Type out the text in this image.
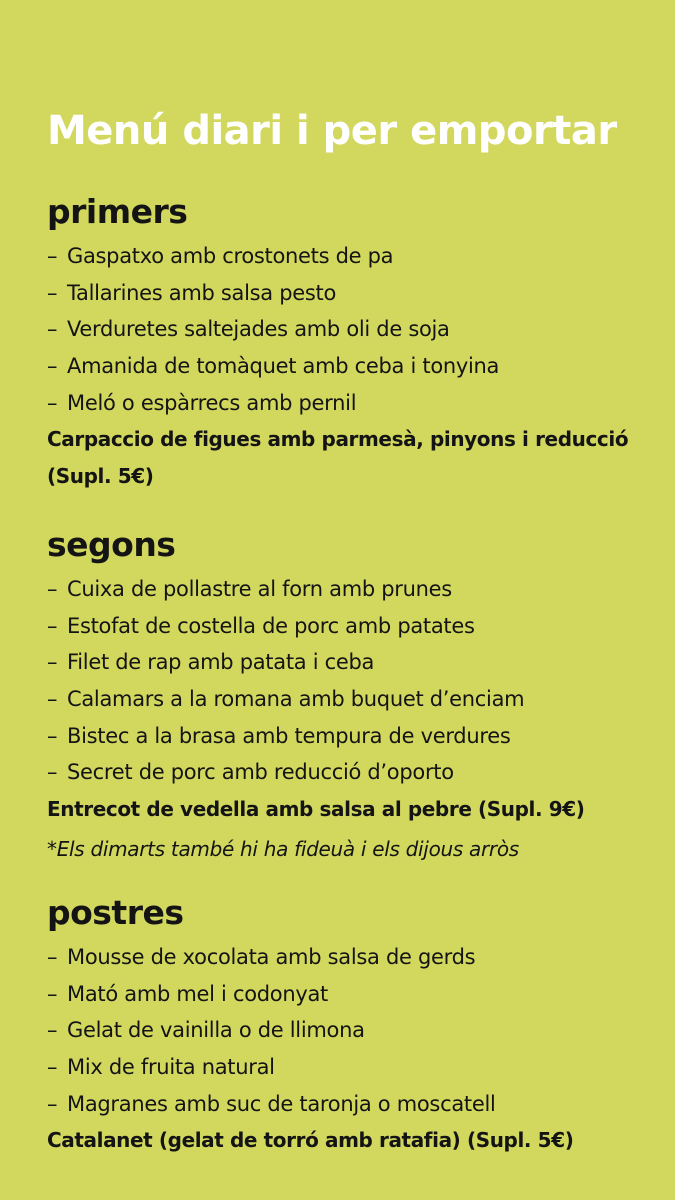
Menú diari i per emportar
primers
– Gaspatxo amb crostonets de pa
– Tallarines amb salsa pesto
– Verduretes saltejades amb oli de soja
– Amanida de tomàquet amb ceba i tonyina
– Meló o espàrrecs amb pernil

Carpaccio de figues amb parmesà, pinyons i reducció (Supl. 5€)

segons
– Cuixa de pollastre al forn amb prunes
– Estofat de costella de porc amb patates
– Filet de rap amb patata i ceba
– Calamars a la romana amb buquet d’enciam
– Bistec a la brasa amb tempura de verdures
– Secret de porc amb reducció d’oporto

Entrecot de vedella amb salsa al pebre (Supl. 9€)

*Els dimarts també hi ha fideuà i els dijous arròs

postres
– Mousse de xocolata amb salsa de gerds
– Mató amb mel i codonyat
– Gelat de vainilla o de llimona
– Mix de fruita natural
– Magranes amb suc de taronja o moscatell

Catalanet (gelat de torró amb ratafia) (Supl. 5€)
